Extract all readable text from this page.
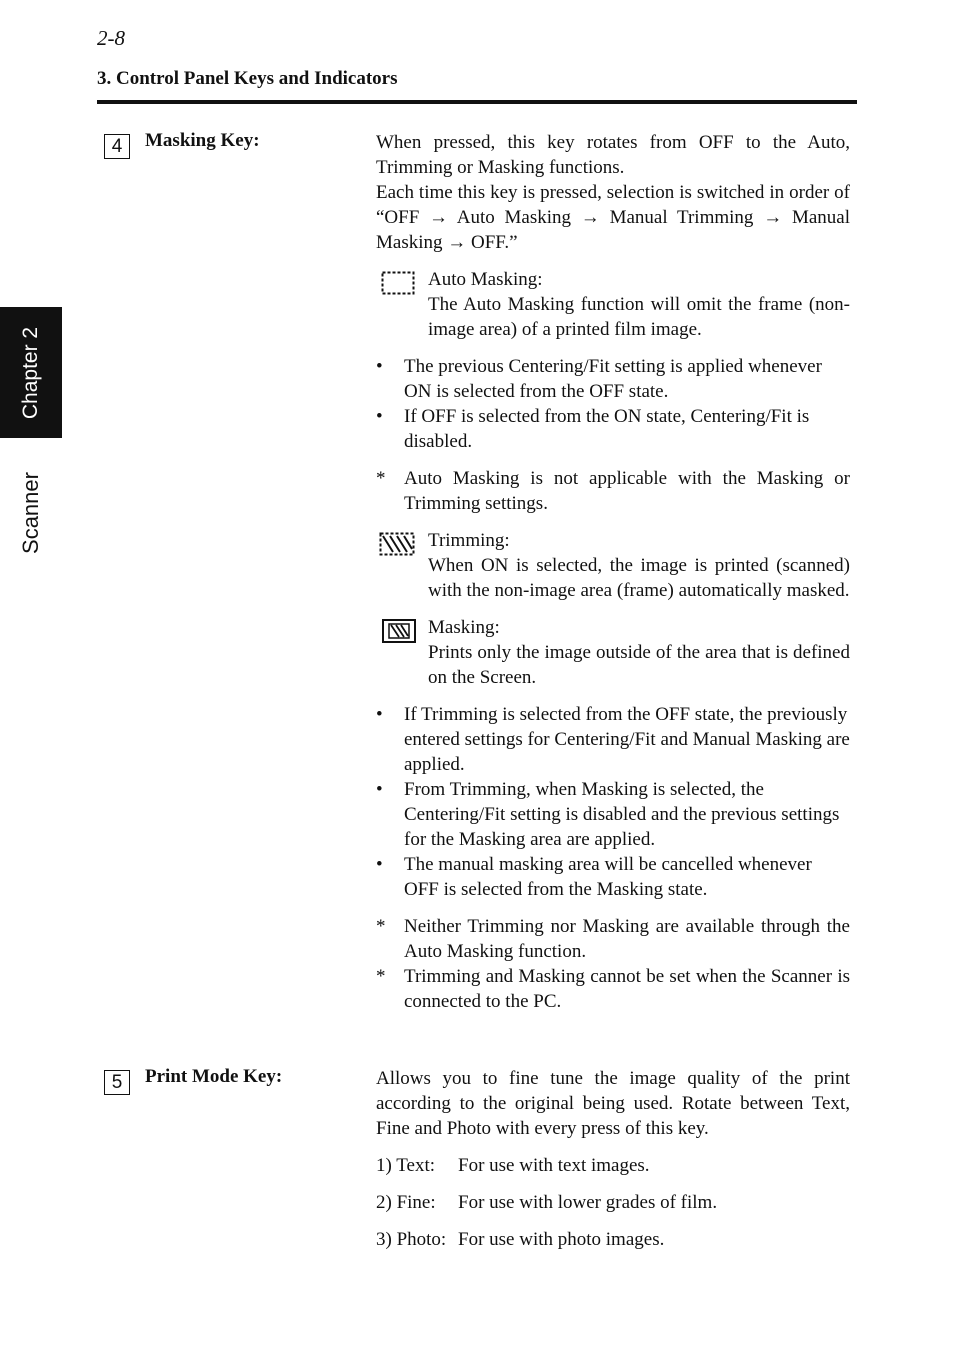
2-8
3. Control Panel Keys and Indicators
Chapter 2
Scanner
4	Masking Key:	When pressed, this key rotates from OFF to the Auto, Trimming or Masking functions.

Each time this key is pressed, selection is switched in order of “OFF → Auto Masking → Manual Trimming → Manual Masking → OFF.”

Auto Masking:

The Auto Masking function will omit the frame (non-image area) of a printed film image.

•	The previous Centering/Fit setting is applied whenever ON is selected from the OFF state.

•	If OFF is selected from the ON state, Centering/Fit is disabled.

* Auto Masking is not applicable with the Masking or Trimming settings.

Trimming:

When ON is selected, the image is printed (scanned) with the non-image area (frame) automatically masked.

Masking:

Prints only the image outside of the area that is defined on the Screen.

•	If Trimming is selected from the OFF state, the previously entered settings for Centering/Fit and Manual Masking are applied.

•	From Trimming, when Masking is selected, the Centering/Fit setting is disabled and the previous settings for the Masking area are applied.

•	The manual masking area will be cancelled whenever OFF is selected from the Masking state.

* Neither Trimming nor Masking are available through the Auto Masking function.

* Trimming and Masking cannot be set when the Scanner is connected to the PC.

5	Print Mode Key:	Allows you to fine tune the image quality of the print according to the original being used. Rotate between Text, Fine and Photo with every press of this key.

1) Text: For use with text images.

2) Fine: For use with lower grades of film.

3) Photo: For use with photo images.
